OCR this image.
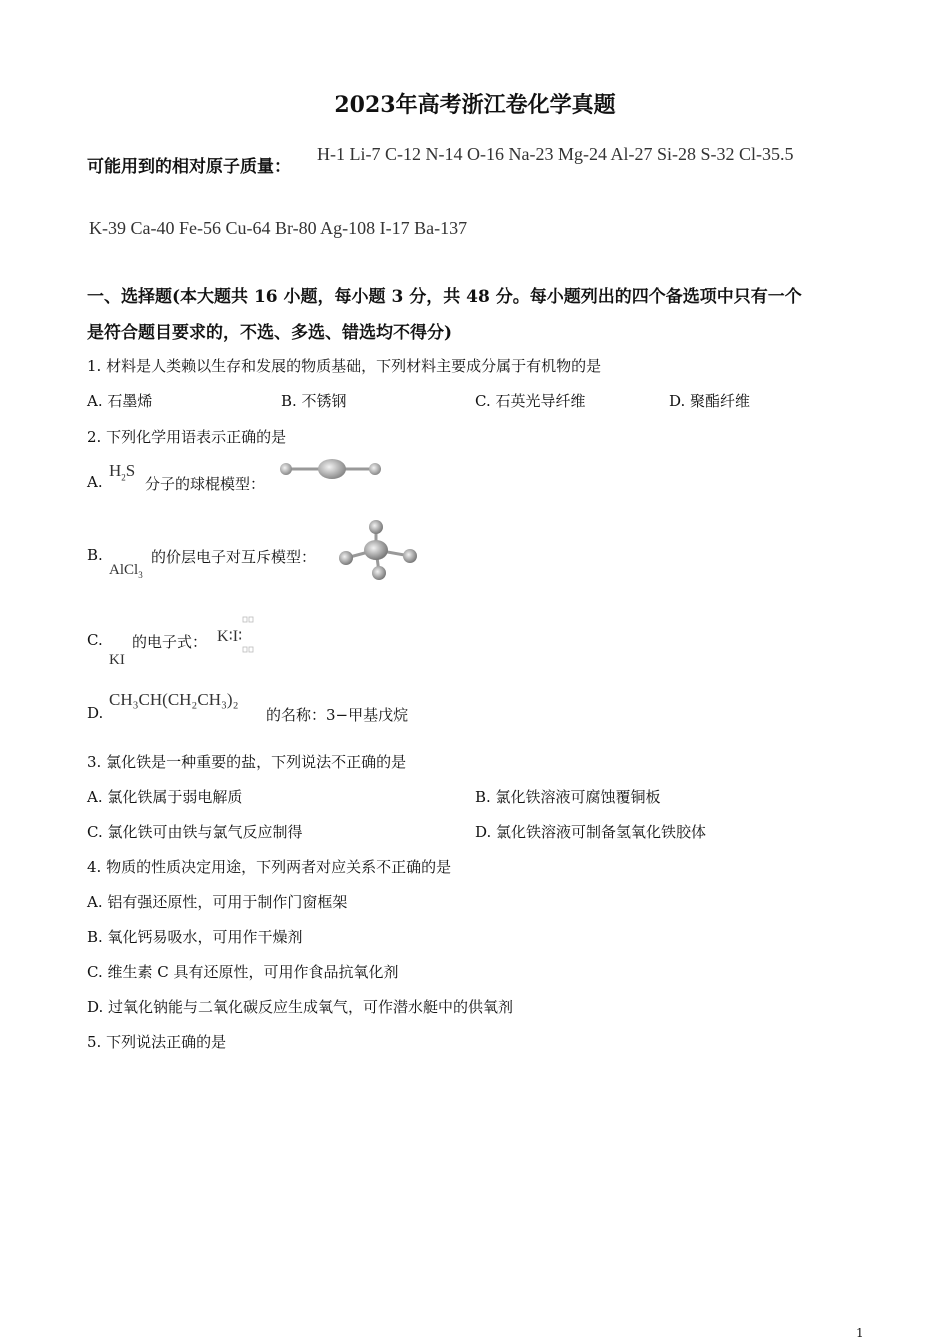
2023年高考浙江卷化学真题
可能用到的相对原子质量：
H-1 Li-7 C-12 N-14 O-16 Na-23 Mg-24 Al-27 Si-28 S-32 Cl-35.5
K-39 Ca-40 Fe-56 Cu-64 Br-80 Ag-108 I-17 Ba-137
一、选择题(本大题共 16 小题，每小题 3 分，共 48 分。每小题列出的四个备选项中只有一个
是符合题目要求的，不选、多选、错选均不得分)
1. 材料是人类赖以生存和发展的物质基础，下列材料主要成分属于有机物的是
A. 石墨烯	B. 不锈钢	C. 石英光导纤维	D. 聚酯纤维
2. 下列化学用语表示正确的是
A.
$H_2S$
分子的球棍模型：
B.
AlCl$_3$
的价层电子对互斥模型：
C.
KI
的电子式： K∶I∶
D.
CH₃CH(CH₂CH₃)₂
的名称：3−甲基戊烷
3. 氯化铁是一种重要的盐，下列说法不正确的是
A. 氯化铁属于弱电解质	B. 氯化铁溶液可腐蚀覆铜板
C. 氯化铁可由铁与氯气反应制得	D. 氯化铁溶液可制备氢氧化铁胶体
4. 物质的性质决定用途，下列两者对应关系不正确的是
A. 铝有强还原性，可用于制作门窗框架
B. 氧化钙易吸水，可用作干燥剂
C. 维生素 C 具有还原性，可用作食品抗氧化剂
D. 过氧化钠能与二氧化碳反应生成氧气，可作潜水艇中的供氧剂
5. 下列说法正确的是
1
